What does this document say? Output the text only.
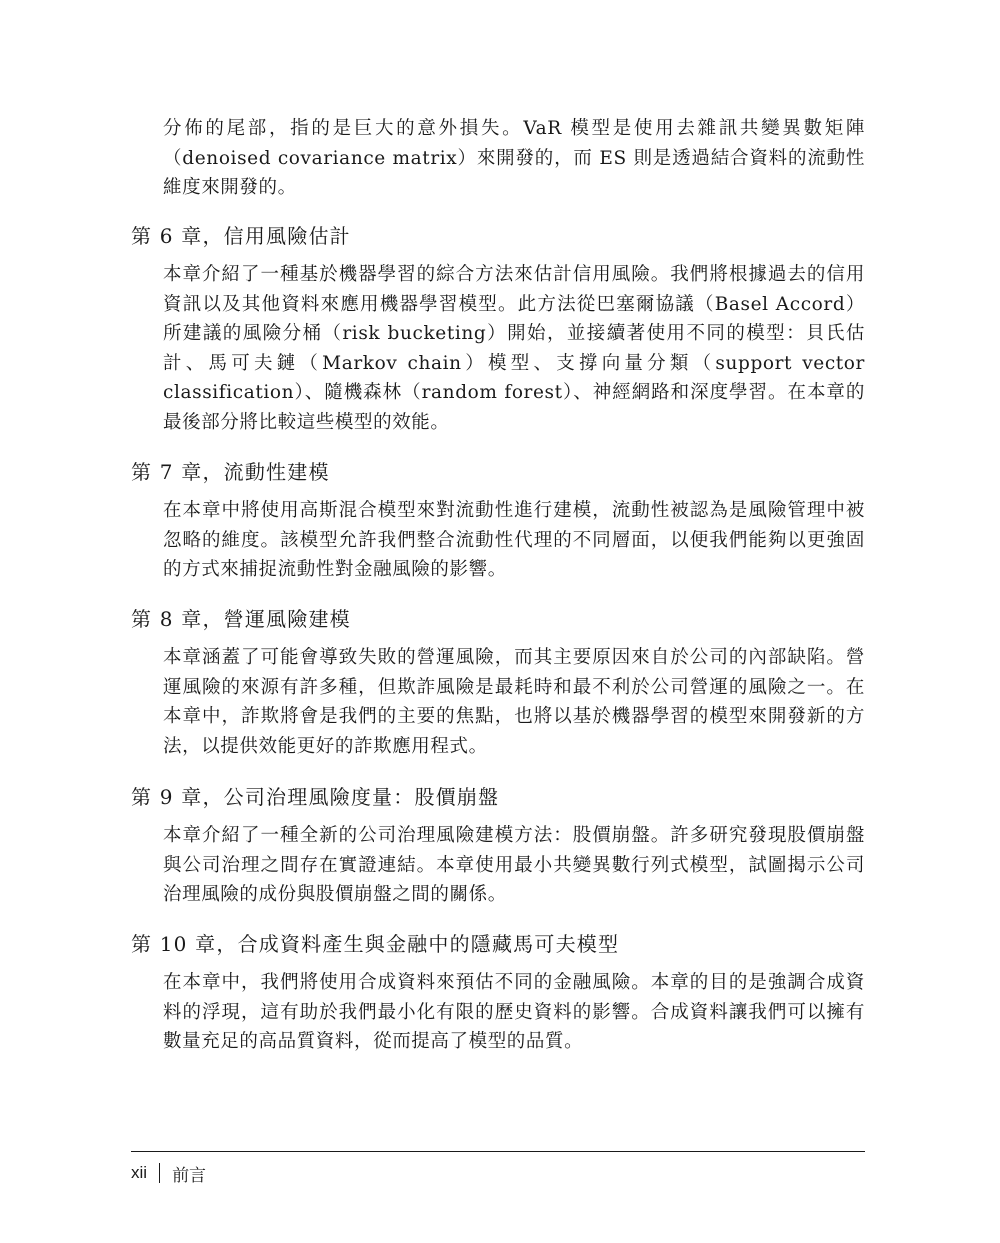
分佈的尾部，指的是巨大的意外損失。VaR 模型是使用去雜訊共變異數矩陣（denoised covariance matrix）來開發的，而 ES 則是透過結合資料的流動性維度來開發的。

第 6 章，信用風險估計

本章介紹了一種基於機器學習的綜合方法來估計信用風險。我們將根據過去的信用資訊以及其他資料來應用機器學習模型。此方法從巴塞爾協議（Basel Accord）所建議的風險分桶（risk bucketing）開始，並接續著使用不同的模型：貝氏估計、馬可夫鏈（Markov chain）模型、支撐向量分類（support vector classification）、隨機森林（random forest）、神經網路和深度學習。在本章的最後部分將比較這些模型的效能。

第 7 章，流動性建模

在本章中將使用高斯混合模型來對流動性進行建模，流動性被認為是風險管理中被忽略的維度。該模型允許我們整合流動性代理的不同層面，以便我們能夠以更強固的方式來捕捉流動性對金融風險的影響。

第 8 章，營運風險建模

本章涵蓋了可能會導致失敗的營運風險，而其主要原因來自於公司的內部缺陷。營運風險的來源有許多種，但欺詐風險是最耗時和最不利於公司營運的風險之一。在本章中，詐欺將會是我們的主要的焦點，也將以基於機器學習的模型來開發新的方法，以提供效能更好的詐欺應用程式。

第 9 章，公司治理風險度量：股價崩盤

本章介紹了一種全新的公司治理風險建模方法：股價崩盤。許多研究發現股價崩盤與公司治理之間存在實證連結。本章使用最小共變異數行列式模型，試圖揭示公司治理風險的成份與股價崩盤之間的關係。

第 10 章，合成資料產生與金融中的隱藏馬可夫模型

在本章中，我們將使用合成資料來預估不同的金融風險。本章的目的是強調合成資料的浮現，這有助於我們最小化有限的歷史資料的影響。合成資料讓我們可以擁有數量充足的高品質資料，從而提高了模型的品質。

xii 前言
